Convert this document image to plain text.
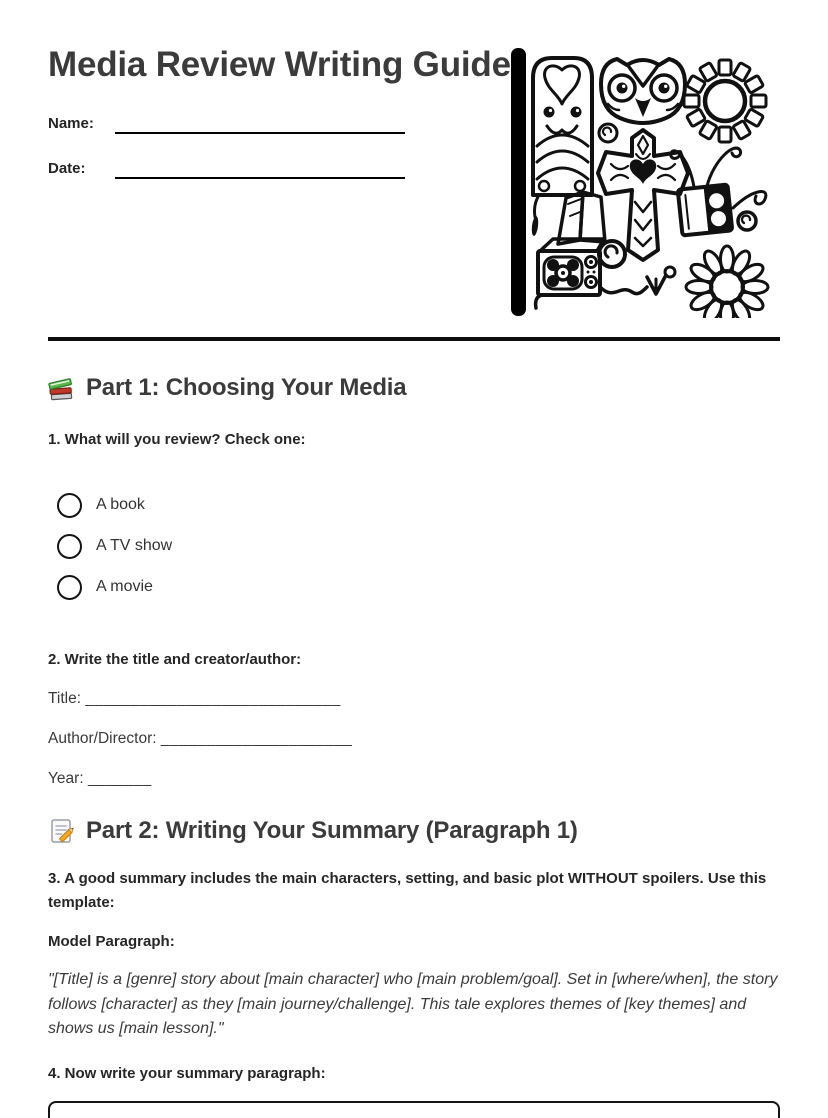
Media Review Writing Guide
Name:
Date:
Part 1: Choosing Your Media

1. What will you review? Check one:

A book
A TV show
A movie

2. Write the title and creator/author:

Title: ____________________________

Author/Director: _____________________

Year: _______

Part 2: Writing Your Summary (Paragraph 1)

3. A good summary includes the main characters, setting, and basic plot WITHOUT spoilers. Use this template:

Model Paragraph:

"[Title] is a [genre] story about [main character] who [main problem/goal]. Set in [where/when], the story follows [character] as they [main journey/challenge]. This tale explores themes of [key themes] and shows us [main lesson]."

4. Now write your summary paragraph:
